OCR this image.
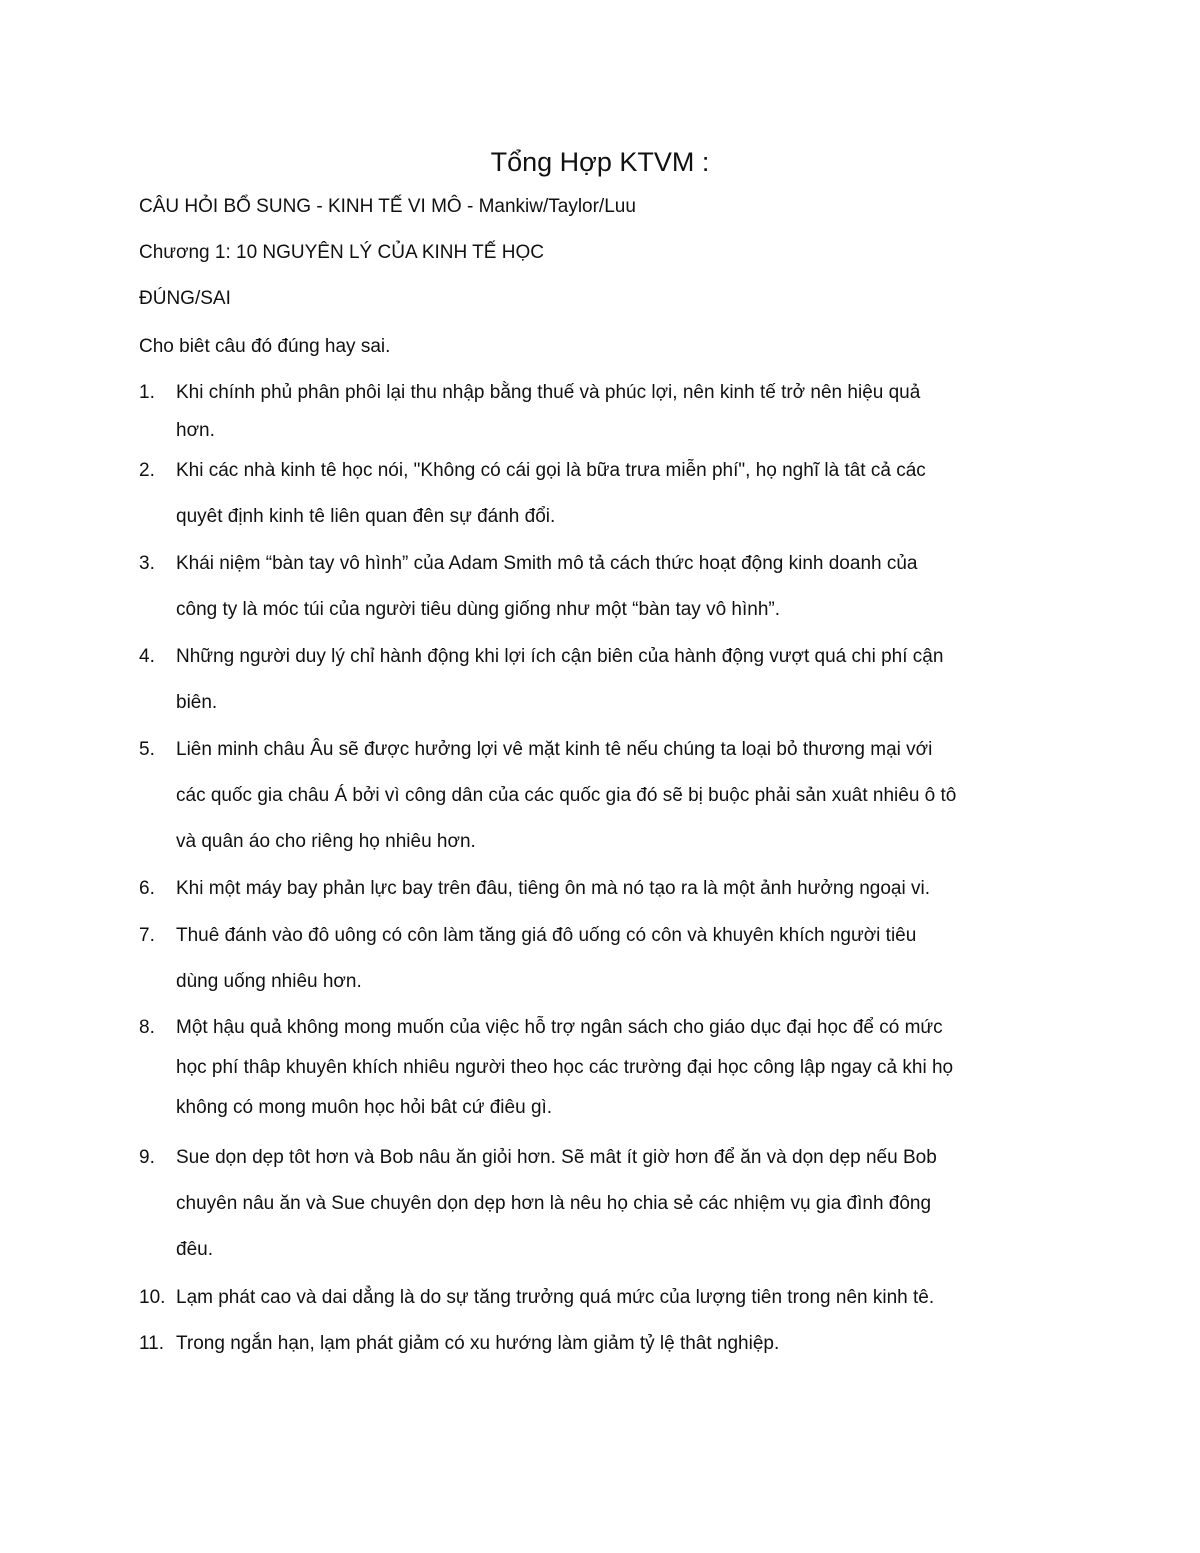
Tổng Hợp KTVM :
CÂU HỎI BỔ SUNG - KINH TẾ VI MÔ - Mankiw/Taylor/Luu
Chương 1: 10 NGUYÊN LÝ CỦA KINH TẾ HỌC
ĐÚNG/SAI
Cho biêt câu đó đúng hay sai.
1.	Khi chính phủ phân phôi lại thu nhập bằng thuế và phúc lợi, nên kinh tế trở nên hiệu quả
hơn.
2.	Khi các nhà kinh tê học nói, "Không có cái gọi là bữa trưa miễn phí", họ nghĩ là tât cả các
quyêt định kinh tê liên quan đên sự đánh đổi.
3.	Khái niệm “bàn tay vô hình” của Adam Smith mô tả cách thức hoạt động kinh doanh của
công ty là móc túi của người tiêu dùng giống như một “bàn tay vô hình”.
4.	Những người duy lý chỉ hành động khi lợi ích cận biên của hành động vượt quá chi phí cận
biên.
5.	Liên minh châu Âu sẽ được hưởng lợi vê mặt kinh tê nếu chúng ta loại bỏ thương mại với
các quốc gia châu Á bởi vì công dân của các quốc gia đó sẽ bị buộc phải sản xuât nhiêu ô tô
và quân áo cho riêng họ nhiêu hơn.
6.	Khi một máy bay phản lực bay trên đâu, tiêng ôn mà nó tạo ra là một ảnh hưởng ngoại vi.
7.	Thuê đánh vào đô uông có côn làm tăng giá đô uống có côn và khuyên khích người tiêu
dùng uống nhiêu hơn.
8.	Một hậu quả không mong muốn của việc hỗ trợ ngân sách cho giáo dục đại học để có mức
học phí thâp khuyên khích nhiêu người theo học các trường đại học công lập ngay cả khi họ
không có mong muôn học hỏi bât cứ điêu gì.
9.	Sue dọn dẹp tôt hơn và Bob nâu ăn giỏi hơn. Sẽ mât ít giờ hơn để ăn và dọn dẹp nếu Bob
chuyên nâu ăn và Sue chuyên dọn dẹp hơn là nêu họ chia sẻ các nhiệm vụ gia đình đông
đêu.
10. Lạm phát cao và dai dẳng là do sự tăng trưởng quá mức của lượng tiên trong nên kinh tê.
11. Trong ngắn hạn, lạm phát giảm có xu hướng làm giảm tỷ lệ thât nghiệp.
